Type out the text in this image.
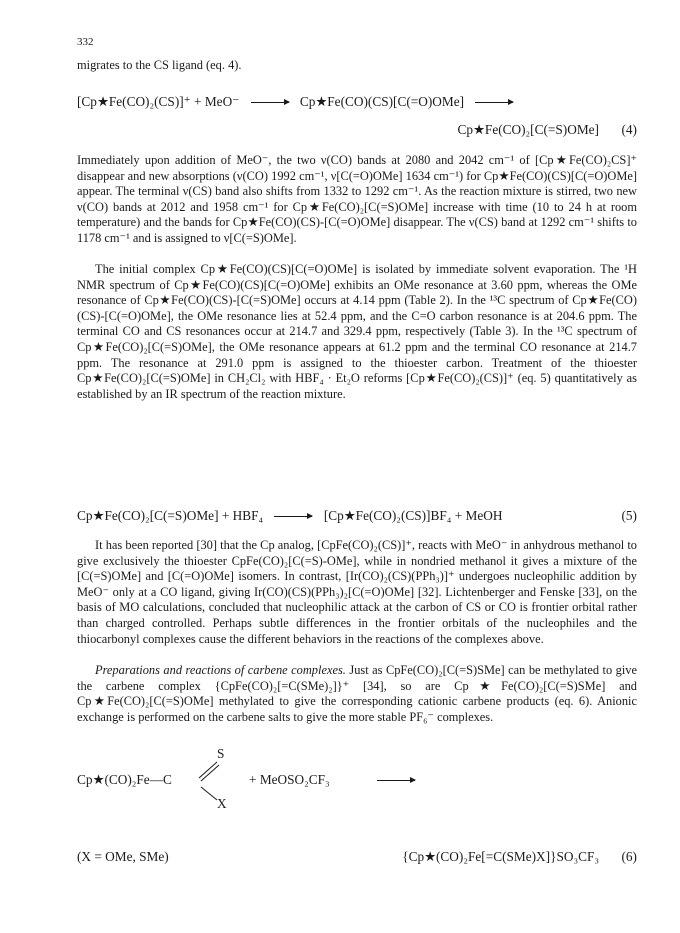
332

migrates to the CS ligand (eq. 4).

[Cp★Fe(CO)₂(CS)]⁺ + MeO⁻ → Cp★Fe(CO)(CS)[C(=O)OMe] →
Cp★Fe(CO)₂[C(=S)OMe] (4)

Immediately upon addition of MeO⁻, the two ν(CO) bands at 2080 and 2042 cm⁻¹ of [Cp★Fe(CO)₂CS]⁺ disappear and new absorptions (ν(CO) 1992 cm⁻¹, ν[C(=O)OMe] 1634 cm⁻¹) for Cp★Fe(CO)(CS)[C(=O)OMe] appear. The terminal ν(CS) band also shifts from 1332 to 1292 cm⁻¹. As the reaction mixture is stirred, two new ν(CO) bands at 2012 and 1958 cm⁻¹ for Cp★Fe(CO)₂[C(=S)OMe] increase with time (10 to 24 h at room temperature) and the bands for Cp★Fe(CO)(CS)-[C(=O)OMe] disappear. The ν(CS) band at 1292 cm⁻¹ shifts to 1178 cm⁻¹ and is assigned to ν[C(=S)OMe].

The initial complex Cp★Fe(CO)(CS)[C(=O)OMe] is isolated by immediate solvent evaporation. The ¹H NMR spectrum of Cp★Fe(CO)(CS)[C(=O)OMe] exhibits an OMe resonance at 3.60 ppm, whereas the OMe resonance of Cp★Fe(CO)(CS)-[C(=S)OMe] occurs at 4.14 ppm (Table 2). In the ¹³C spectrum of Cp★Fe(CO)(CS)-[C(=O)OMe], the OMe resonance lies at 52.4 ppm, and the C=O carbon resonance is at 204.6 ppm. The terminal CO and CS resonances occur at 214.7 and 329.4 ppm, respectively (Table 3). In the ¹³C spectrum of Cp★Fe(CO)₂[C(=S)OMe], the OMe resonance appears at 61.2 ppm and the terminal CO resonance at 214.7 ppm. The resonance at 291.0 ppm is assigned to the thioester carbon. Treatment of the thioester Cp★Fe(CO)₂[C(=S)OMe] in CH₂Cl₂ with HBF₄ · Et₂O reforms [Cp★Fe(CO)₂(CS)]⁺ (eq. 5) quantitatively as established by an IR spectrum of the reaction mixture.

Cp★Fe(CO)₂[C(=S)OMe] + HBF₄ → [Cp★Fe(CO)₂(CS)]BF₄ + MeOH	(5)

It has been reported [30] that the Cp analog, [CpFe(CO)₂(CS)]⁺, reacts with MeO⁻ in anhydrous methanol to give exclusively the thioester CpFe(CO)₂[C(=S)-OMe], while in nondried methanol it gives a mixture of the [C(=S)OMe] and [C(=O)OMe] isomers. In contrast, [Ir(CO)₂(CS)(PPh₃)]⁺ undergoes nucleophilic addition by MeO⁻ only at a CO ligand, giving Ir(CO)(CS)(PPh₃)₂[C(=O)OMe] [32]. Lichtenberger and Fenske [33], on the basis of MO calculations, concluded that nucleophilic attack at the carbon of CS or CO is frontier orbital rather than charged controlled. Perhaps subtle differences in the frontier orbitals of the nucleophiles and the thiocarbonyl complexes cause the different behaviors in the reactions of the complexes above.

Preparations and reactions of carbene complexes. Just as CpFe(CO)₂[C(=S)SMe] can be methylated to give the carbene complex {CpFe(CO)₂[=C(SMe)₂]}⁺ [34], so are Cp★Fe(CO)₂[C(=S)SMe] and Cp★Fe(CO)₂[C(=S)OMe] methylated to give the corresponding cationic carbene products (eq. 6). Anionic exchange is performed on the carbene salts to give the more stable PF₆⁻ complexes.

Cp★(CO)₂Fe—C
S
X
+ MeOSO₂CF₃
(X = OMe, SMe)	{Cp★(CO)₂Fe[=C(SMe)X]}SO₃CF₃ (6)
